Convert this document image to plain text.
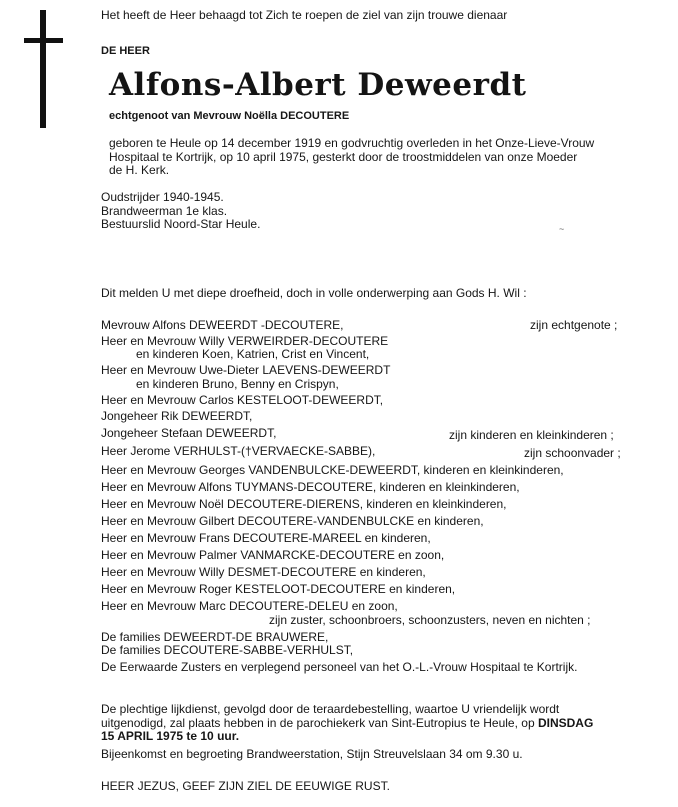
Het heeft de Heer behaagd tot Zich te roepen de ziel van zijn trouwe dienaar
DE HEER
Alfons-Albert Deweerdt
echtgenoot van Mevrouw Noëlla DECOUTERE
geboren te Heule op 14 december 1919 en godvruchtig overleden in het Onze-Lieve-Vrouw
Hospitaal te Kortrijk, op 10 april 1975, gesterkt door de troostmiddelen van onze Moeder
de H. Kerk.
Oudstrijder 1940-1945.
Brandweerman 1e klas.
Bestuurslid Noord-Star Heule.	~
Dit melden U met diepe droefheid, doch in volle onderwerping aan Gods H. Wil :
Mevrouw Alfons DEWEERDT -DECOUTERE,	zijn echtgenote ;
Heer en Mevrouw Willy VERWEIRDER-DECOUTERE
en kinderen Koen, Katrien, Crist en Vincent,
Heer en Mevrouw Uwe-Dieter LAEVENS-DEWEERDT
en kinderen Bruno, Benny en Crispyn,
Heer en Mevrouw Carlos KESTELOOT-DEWEERDT,
Jongeheer Rik DEWEERDT,
Jongeheer Stefaan DEWEERDT,	zijn kinderen en kleinkinderen ;
Heer Jerome VERHULST-(†VERVAECKE-SABBE),	zijn schoonvader ;
Heer en Mevrouw Georges VANDENBULCKE-DEWEERDT, kinderen en kleinkinderen,
Heer en Mevrouw Alfons TUYMANS-DECOUTERE, kinderen en kleinkinderen,
Heer en Mevrouw Noël DECOUTERE-DIERENS, kinderen en kleinkinderen,
Heer en Mevrouw Gilbert DECOUTERE-VANDENBULCKE en kinderen,
Heer en Mevrouw Frans DECOUTERE-MAREEL en kinderen,
Heer en Mevrouw Palmer VANMARCKE-DECOUTERE en zoon,
Heer en Mevrouw Willy DESMET-DECOUTERE en kinderen,
Heer en Mevrouw Roger KESTELOOT-DECOUTERE en kinderen,
Heer en Mevrouw Marc DECOUTERE-DELEU en zoon,
zijn zuster, schoonbroers, schoonzusters, neven en nichten ;
De families DEWEERDT-DE BRAUWERE,
De families DECOUTERE-SABBE-VERHULST,
De Eerwaarde Zusters en verplegend personeel van het O.-L.-Vrouw Hospitaal te Kortrijk.
De plechtige lijkdienst, gevolgd door de teraardebestelling, waartoe U vriendelijk wordt
uitgenodigd, zal plaats hebben in de parochiekerk van Sint-Eutropius te Heule, op DINSDAG
15 APRIL 1975 te 10 uur.
Bijeenkomst en begroeting Brandweerstation, Stijn Streuvelslaan 34 om 9.30 u.
HEER JEZUS, GEEF ZIJN ZIEL DE EEUWIGE RUST.
